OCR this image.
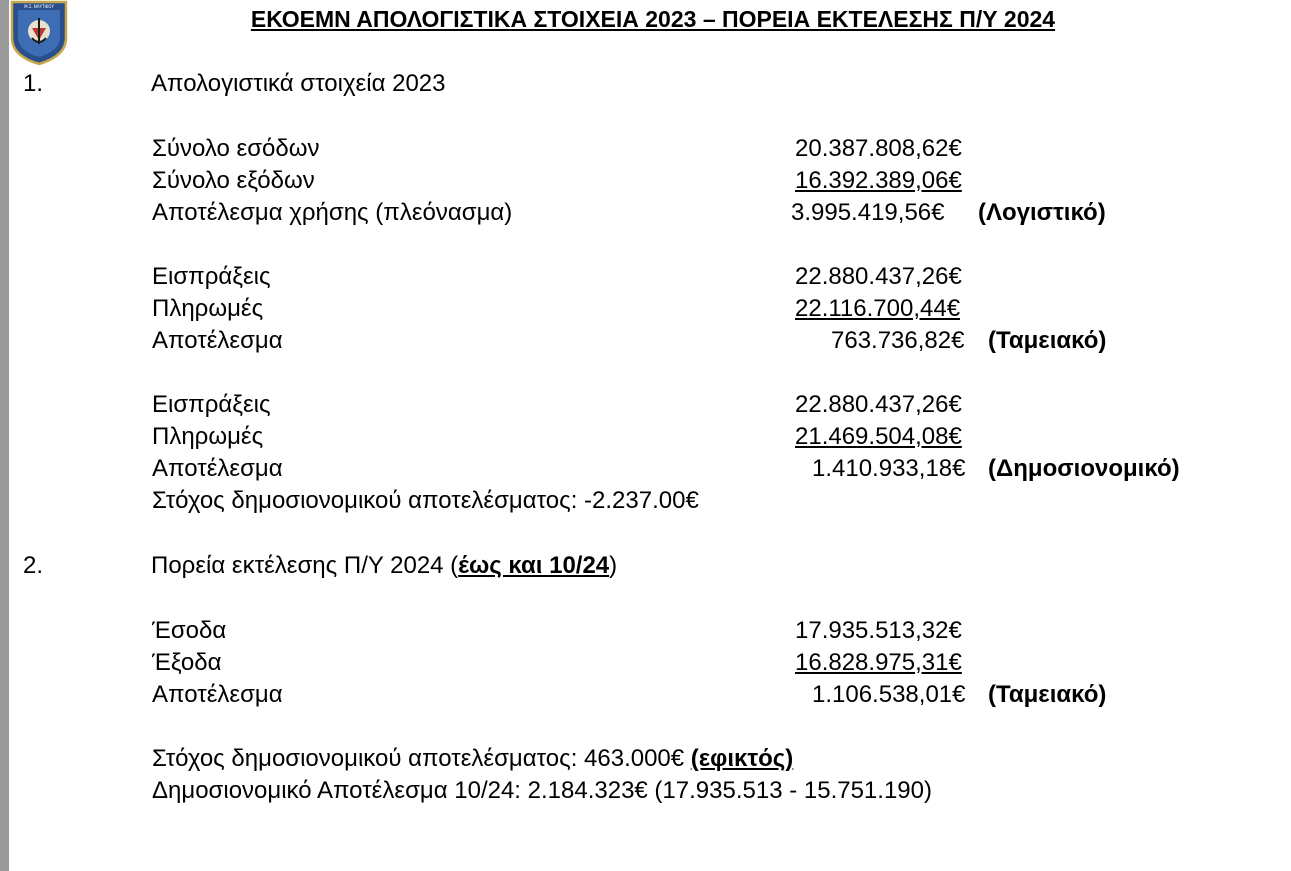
Μ.Σ. ΝΑΥΤΙΚΟΥ	ΕΚΟΕΜΝ ΑΠΟΛΟΓΙΣΤΙΚΑ ΣΤΟΙΧΕΙΑ 2023 – ΠΟΡΕΙΑ ΕΚΤΕΛΕΣΗΣ Π/Υ 2024
1.	Απολογιστικά στοιχεία 2023
Σύνολο εσόδων	20.387.808,62€
Σύνολο εξόδων	16.392.389,06€
Αποτέλεσμα χρήσης (πλεόνασμα)	3.995.419,56€ (Λογιστικό)
Εισπράξεις	22.880.437,26€
Πληρωμές	22.116.700,44€
Αποτέλεσμα	763.736,82€ (Ταμειακό)
Εισπράξεις	22.880.437,26€
Πληρωμές	21.469.504,08€
Αποτέλεσμα	1.410.933,18€ (Δημοσιονομικό)
Στόχος δημοσιονομικού αποτελέσματος: -2.237.00€
2.	Πορεία εκτέλεσης Π/Υ 2024 (έως και 10/24)
Έσοδα	17.935.513,32€
Έξοδα	16.828.975,31€
Αποτέλεσμα	1.106.538,01€ (Ταμειακό)
Στόχος δημοσιονομικού αποτελέσματος: 463.000€ (εφικτός)
Δημοσιονομικό Αποτέλεσμα 10/24: 2.184.323€ (17.935.513 - 15.751.190)
